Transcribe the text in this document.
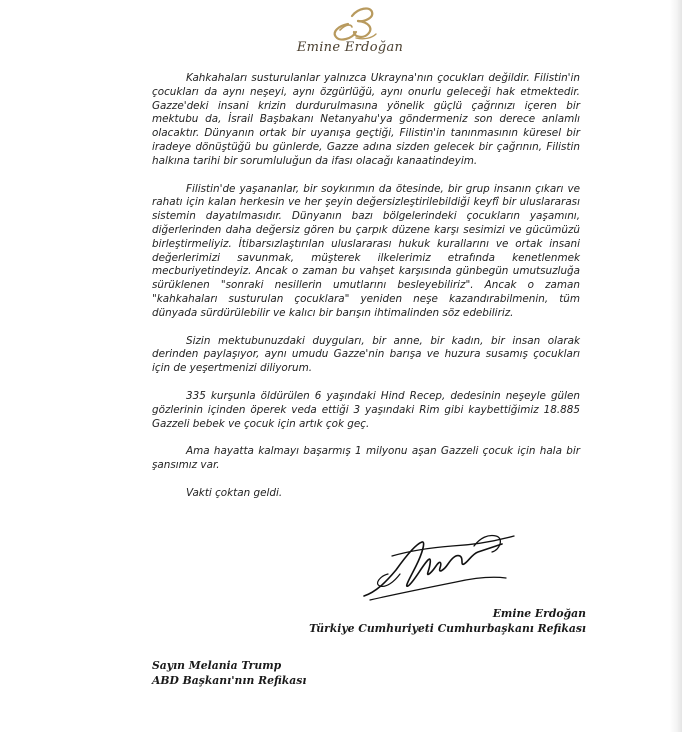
Emine Erdoğan

Kahkahaları susturulanlar yalnızca Ukrayna'nın çocukları değildir. Filistin'in çocukları da aynı neşeyi, aynı özgürlüğü, aynı onurlu geleceği hak etmektedir. Gazze'deki insani krizin durdurulmasına yönelik güçlü çağrınızı içeren bir mektubu da, İsrail Başbakanı Netanyahu'ya göndermeniz son derece anlamlı olacaktır. Dünyanın ortak bir uyanışa geçtiği, Filistin'in tanınmasının küresel bir iradeye dönüştüğü bu günlerde, Gazze adına sizden gelecek bir çağrının, Filistin halkına tarihi bir sorumluluğun da ifası olacağı kanaatindeyim.

Filistin'de yaşananlar, bir soykırımın da ötesinde, bir grup insanın çıkarı ve rahatı için kalan herkesin ve her şeyin değersizleştirilebildiği keyfî bir uluslararası sistemin dayatılmasıdır. Dünyanın bazı bölgelerindeki çocukların yaşamını, diğerlerinden daha değersiz gören bu çarpık düzene karşı sesimizi ve gücümüzü birleştirmeliyiz. İtibarsızlaştırılan uluslararası hukuk kurallarını ve ortak insani değerlerimizi savunmak, müşterek ilkelerimiz etrafında kenetlenmek mecburiyetindeyiz. Ancak o zaman bu vahşet karşısında günbegün umutsuzluğa sürüklenen "sonraki nesillerin umutlarını besleyebiliriz". Ancak o zaman "kahkahaları susturulan çocuklara" yeniden neşe kazandırabilmenin, tüm dünyada sürdürülebilir ve kalıcı bir barışın ihtimalinden söz edebiliriz.

Sizin mektubunuzdaki duyguları, bir anne, bir kadın, bir insan olarak derinden paylaşıyor, aynı umudu Gazze'nin barışa ve huzura susamış çocukları için de yeşertmenizi diliyorum.

335 kurşunla öldürülen 6 yaşındaki Hind Recep, dedesinin neşeyle gülen gözlerinin içinden öperek veda ettiği 3 yaşındaki Rim gibi kaybettiğimiz 18.885 Gazzeli bebek ve çocuk için artık çok geç.

Ama hayatta kalmayı başarmış 1 milyonu aşan Gazzeli çocuk için hala bir şansımız var.

Vakti çoktan geldi.

Emine Erdoğan
Türkiye Cumhuriyeti Cumhurbaşkanı Refikası
Sayın Melania Trump
ABD Başkanı'nın Refikası
